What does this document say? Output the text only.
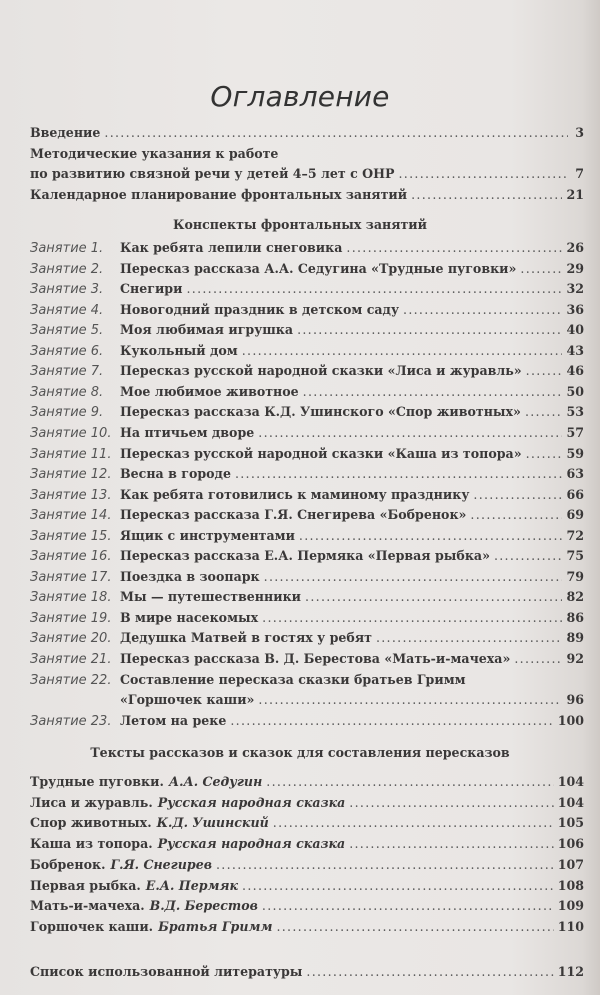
Оглавление
Введение .....	3
Методические указания к работе
по развитию связной речи у детей 4–5 лет с ОНР .....	7
Календарное планирование фронтальных занятий .....	21
Конспекты фронтальных занятий
Занятие 1.	Как ребята лепили снеговика .....	26
Занятие 2.	Пересказ рассказа А.А. Седугина «Трудные пуговки» .....	29
Занятие 3.	Снегири .....	32
Занятие 4.	Новогодний праздник в детском саду .....	36
Занятие 5.	Моя любимая игрушка .....	40
Занятие 6.	Кукольный дом .....	43
Занятие 7.	Пересказ русской народной сказки «Лиса и журавль» .....	46
Занятие 8.	Мое любимое животное .....	50
Занятие 9.	Пересказ рассказа К.Д. Ушинского «Спор животных» .....	53
Занятие 10. На птичьем дворе .....	57
Занятие 11. Пересказ русской народной сказки «Каша из топора» .....	59
Занятие 12. Весна в городе .....	63
Занятие 13. Как ребята готовились к маминому празднику .....	66
Занятие 14. Пересказ рассказа Г.Я. Снегирева «Бобренок» .....	69
Занятие 15. Ящик с инструментами .....	72
Занятие 16. Пересказ рассказа Е.А. Пермяка «Первая рыбка» .....	75
Занятие 17. Поездка в зоопарк .....	79
Занятие 18. Мы — путешественники .....	82
Занятие 19. В мире насекомых .....	86
Занятие 20. Дедушка Матвей в гостях у ребят .....	89
Занятие 21. Пересказ рассказа В. Д. Берестова «Мать-и-мачеха» .....	92
Занятие 22. Составление пересказа сказки братьев Гримм
«Горшочек каши» .....	96
Занятие 23. Летом на реке .....	100
Тексты рассказов и сказок для составления пересказов
Трудные пуговки. А.А. Седугин .....	104
Лиса и журавль. Русская народная сказка .....	104
Спор животных. К.Д. Ушинский .....	105
Каша из топора. Русская народная сказка .....	106
Бобренок. Г.Я. Снегирев .....	107
Первая рыбка. Е.А. Пермяк .....	108
Мать-и-мачеха. В.Д. Берестов .....	109
Горшочек каши. Братья Гримм .....	110
Список использованной литературы .....	112
